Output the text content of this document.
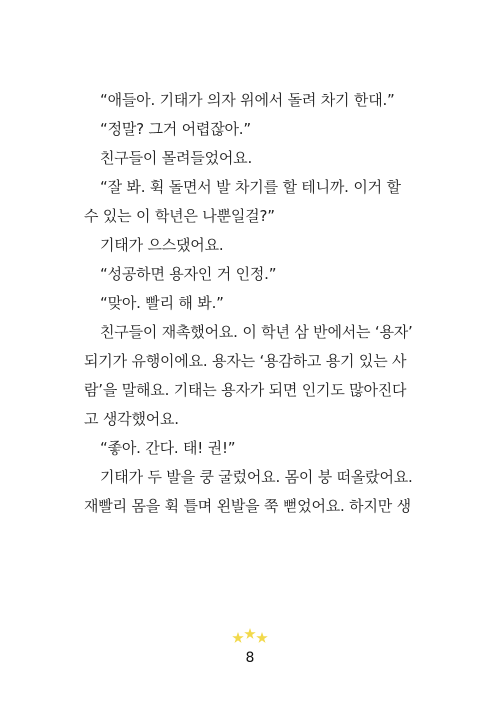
“애들아. 기태가 의자 위에서 돌려 차기 한대.”
“정말? 그거 어렵잖아.”
친구들이 몰려들었어요.
“잘 봐. 휙 돌면서 발 차기를 할 테니까. 이거 할
수 있는 이 학년은 나뿐일걸?”
기태가 으스댔어요.
“성공하면 용자인 거 인정.”
“맞아. 빨리 해 봐.”
친구들이 재촉했어요. 이 학년 삼 반에서는 ‘용자’
되기가 유행이에요. 용자는 ‘용감하고 용기 있는 사
람’을 말해요. 기태는 용자가 되면 인기도 많아진다
고 생각했어요.
“좋아. 간다. 태! 권!”
기태가 두 발을 쿵 굴렀어요. 몸이 붕 떠올랐어요.
재빨리 몸을 휙 틀며 왼발을 쭉 뻗었어요. 하지만 생
8
